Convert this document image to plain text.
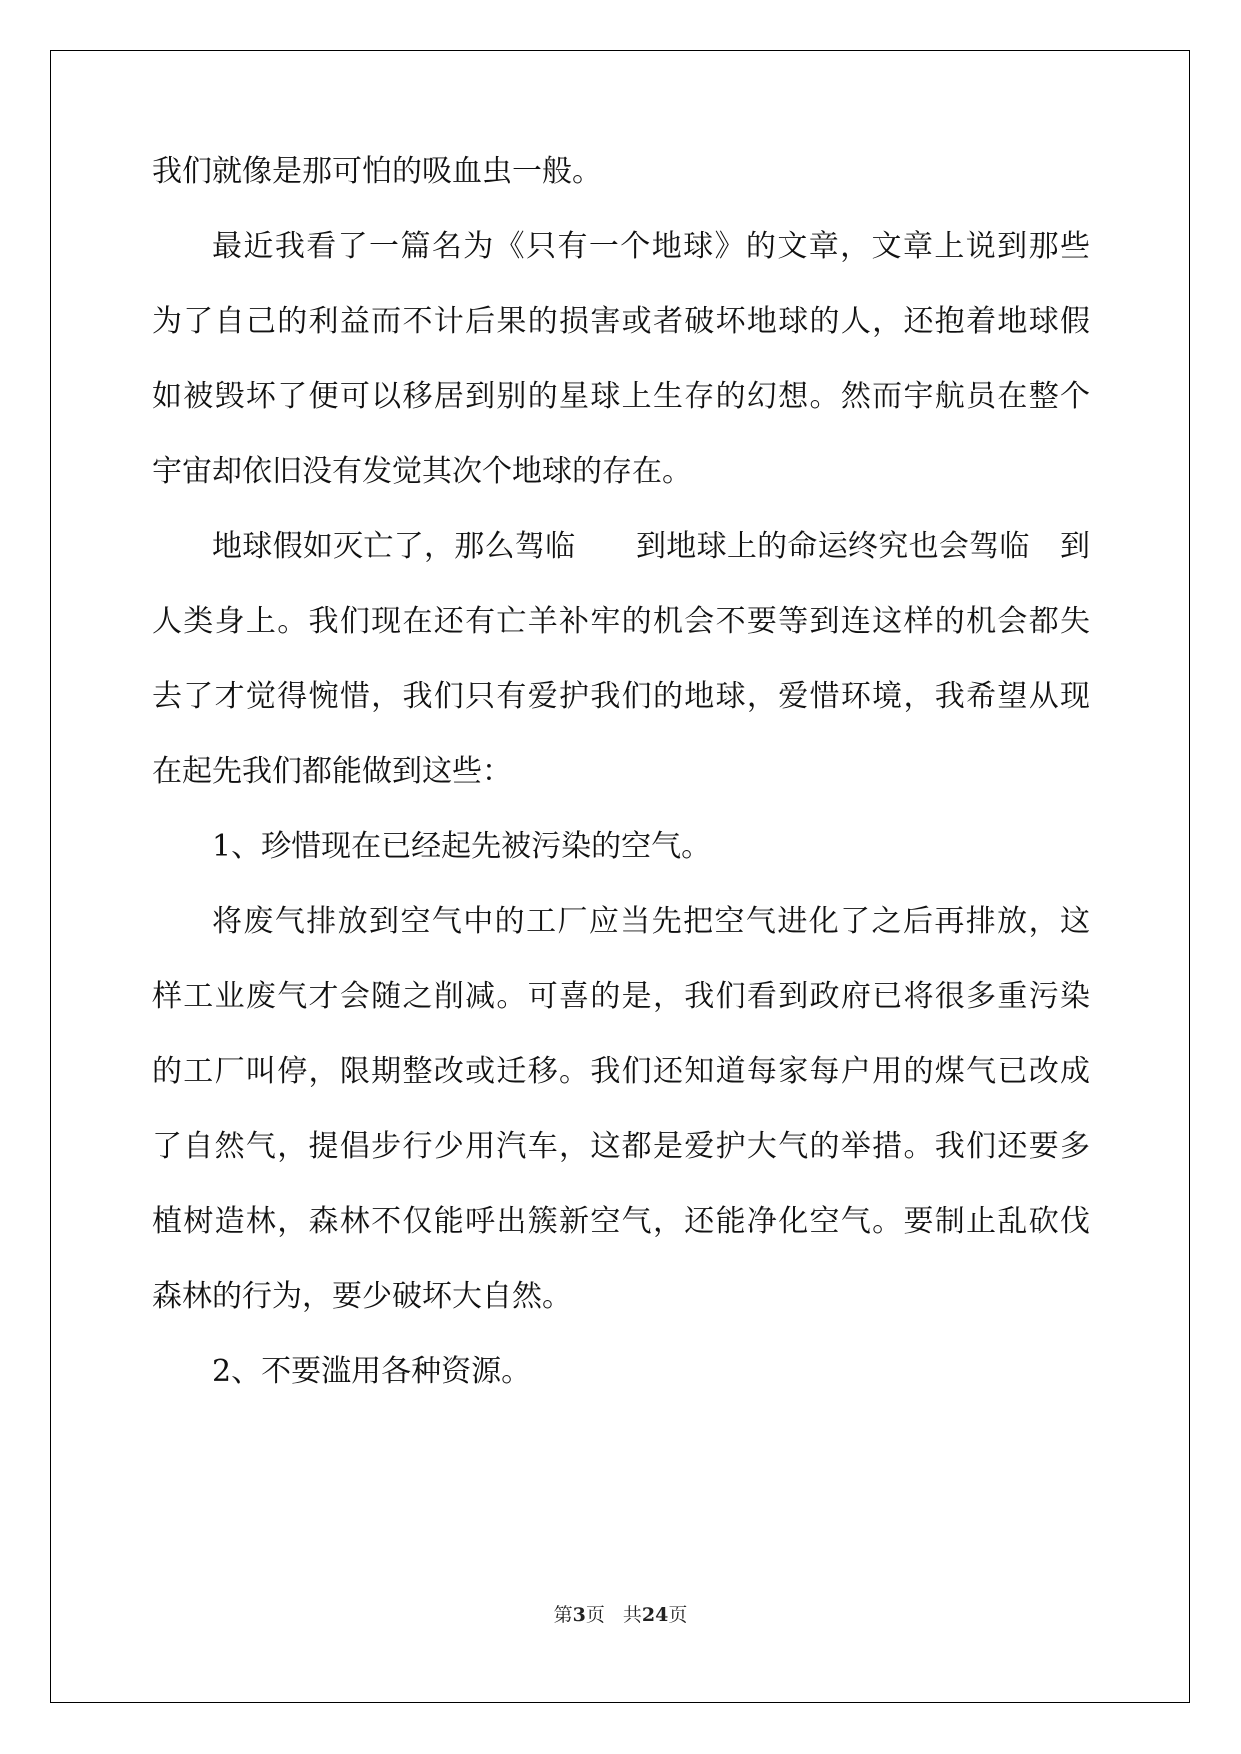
我们就像是那可怕的吸血虫一般。
最近我看了一篇名为《只有一个地球》的文章，文章上说到那些
为了自己的利益而不计后果的损害或者破坏地球的人，还抱着地球假
如被毁坏了便可以移居到别的星球上生存的幻想。然而宇航员在整个
宇宙却依旧没有发觉其次个地球的存在。
地球假如灭亡了，那么驾临　　到地球上的命运终究也会驾临　到
人类身上。我们现在还有亡羊补牢的机会不要等到连这样的机会都失
去了才觉得惋惜，我们只有爱护我们的地球，爱惜环境，我希望从现
在起先我们都能做到这些：
1、珍惜现在已经起先被污染的空气。
将废气排放到空气中的工厂应当先把空气进化了之后再排放，这
样工业废气才会随之削减。可喜的是，我们看到政府已将很多重污染
的工厂叫停，限期整改或迁移。我们还知道每家每户用的煤气已改成
了自然气，提倡步行少用汽车，这都是爱护大气的举措。我们还要多
植树造林，森林不仅能呼出簇新空气，还能净化空气。要制止乱砍伐
森林的行为，要少破坏大自然。
2、不要滥用各种资源。
第3页 共24页
